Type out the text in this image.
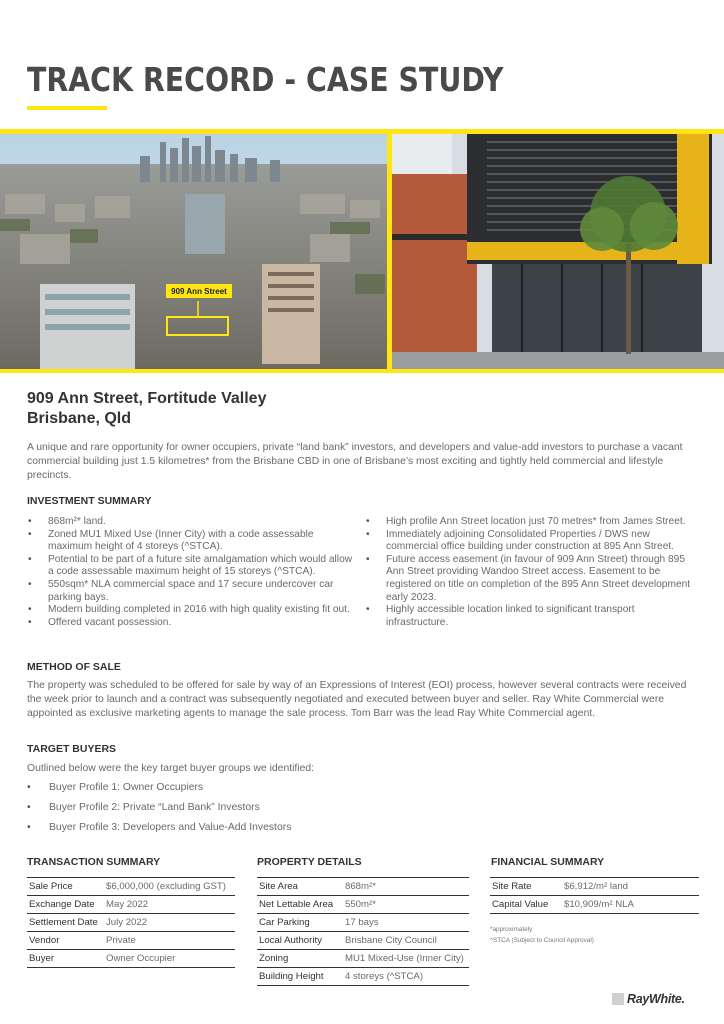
TRACK RECORD - CASE STUDY
909 Ann Street
909 Ann Street, Fortitude Valley
Brisbane, Qld

A unique and rare opportunity for owner occupiers, private “land bank” investors, and developers and value-add investors to purchase a vacant commercial building just 1.5 kilometres* from the Brisbane CBD in one of Brisbane’s most exciting and tightly held commercial and lifestyle precincts.

INVESTMENT SUMMARY
• 868m²* land.
• Zoned MU1 Mixed Use (Inner City) with a code assessable maximum height of 4 storeys (^STCA).
• Potential to be part of a future site amalgamation which would allow a code assessable maximum height of 15 storeys (^STCA).
• 550sqm* NLA commercial space and 17 secure undercover car parking bays.
• Modern building completed in 2016 with high quality existing fit out.
• Offered vacant possession.
• High profile Ann Street location just 70 metres* from James Street.
• Immediately adjoining Consolidated Properties / DWS new commercial office building under construction at 895 Ann Street.
• Future access easement (in favour of 909 Ann Street) through 895 Ann Street providing Wandoo Street access. Easement to be registered on title on completion of the 895 Ann Street development early 2023.
• Highly accessible location linked to significant transport infrastructure.
METHOD OF SALE

The property was scheduled to be offered for sale by way of an Expressions of Interest (EOI) process, however several contracts were received the week prior to launch and a contract was subsequently negotiated and executed between buyer and seller. Ray White Commercial were appointed as exclusive marketing agents to manage the sale process. Tom Barr was the lead Ray White Commercial agent.

TARGET BUYERS

Outlined below were the key target buyer groups we identified:

• Buyer Profile 1: Owner Occupiers
• Buyer Profile 2: Private “Land Bank” Investors
• Buyer Profile 3: Developers and Value-Add Investors
TRANSACTION SUMMARY
Sale Price	$6,000,000 (excluding GST)
Exchange Date	May 2022
Settlement Date	July 2022
Vendor	Private
Buyer	Owner Occupier
PROPERTY DETAILS
Site Area	868m²*
Net Lettable Area	550m²*
Car Parking	17 bays
Local Authority	Brisbane City Council
Zoning	MU1 Mixed-Use (Inner City)
Building Height	4 storeys (^STCA)
FINANCIAL SUMMARY
Site Rate	$6,912/m² land
Capital Value	$10,909/m² NLA
*approximately
^STCA (Subject to Council Approval)
RayWhite.
